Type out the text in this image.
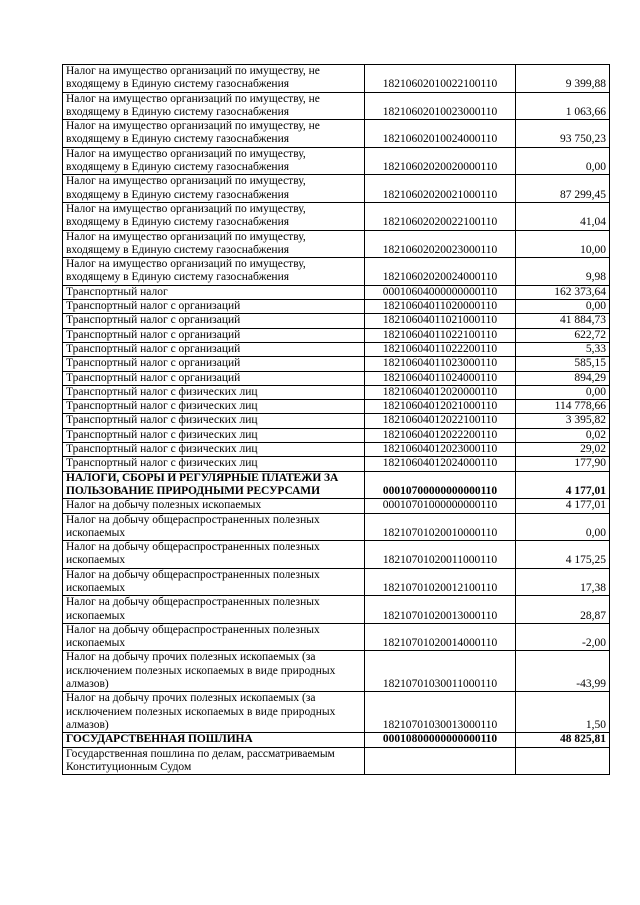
Налог на имущество организаций по имуществу, не входящему в Единую систему газоснабжения	18210602010022100110	9 399,88
Налог на имущество организаций по имуществу, не входящему в Единую систему газоснабжения	18210602010023000110	1 063,66
Налог на имущество организаций по имуществу, не входящему в Единую систему газоснабжения	18210602010024000110	93 750,23
Налог на имущество организаций по имуществу, входящему в Единую систему газоснабжения	18210602020020000110	0,00
Налог на имущество организаций по имуществу, входящему в Единую систему газоснабжения	18210602020021000110	87 299,45
Налог на имущество организаций по имуществу, входящему в Единую систему газоснабжения	18210602020022100110	41,04
Налог на имущество организаций по имуществу, входящему в Единую систему газоснабжения	18210602020023000110	10,00
Налог на имущество организаций по имуществу, входящему в Единую систему газоснабжения	18210602020024000110	9,98
Транспортный налог	00010604000000000110	162 373,64
Транспортный налог с организаций	18210604011020000110	0,00
Транспортный налог с организаций	18210604011021000110	41 884,73
Транспортный налог с организаций	18210604011022100110	622,72
Транспортный налог с организаций	18210604011022200110	5,33
Транспортный налог с организаций	18210604011023000110	585,15
Транспортный налог с организаций	18210604011024000110	894,29
Транспортный налог с физических лиц	18210604012020000110	0,00
Транспортный налог с физических лиц	18210604012021000110	114 778,66
Транспортный налог с физических лиц	18210604012022100110	3 395,82
Транспортный налог с физических лиц	18210604012022200110	0,02
Транспортный налог с физических лиц	18210604012023000110	29,02
Транспортный налог с физических лиц	18210604012024000110	177,90
НАЛОГИ, СБОРЫ И РЕГУЛЯРНЫЕ ПЛАТЕЖИ ЗА ПОЛЬЗОВАНИЕ ПРИРОДНЫМИ РЕСУРСАМИ	00010700000000000110	4 177,01
Налог на добычу полезных ископаемых	00010701000000000110	4 177,01
Налог на добычу общераспространенных полезных ископаемых	18210701020010000110	0,00
Налог на добычу общераспространенных полезных ископаемых	18210701020011000110	4 175,25
Налог на добычу общераспространенных полезных ископаемых	18210701020012100110	17,38
Налог на добычу общераспространенных полезных ископаемых	18210701020013000110	28,87
Налог на добычу общераспространенных полезных ископаемых	18210701020014000110	-2,00
Налог на добычу прочих полезных ископаемых (за исключением полезных ископаемых в виде природных алмазов)	18210701030011000110	-43,99
Налог на добычу прочих полезных ископаемых (за исключением полезных ископаемых в виде природных алмазов)	18210701030013000110	1,50
ГОСУДАРСТВЕННАЯ ПОШЛИНА	00010800000000000110	48 825,81
Государственная пошлина по делам, рассматриваемым Конституционным Судом		
